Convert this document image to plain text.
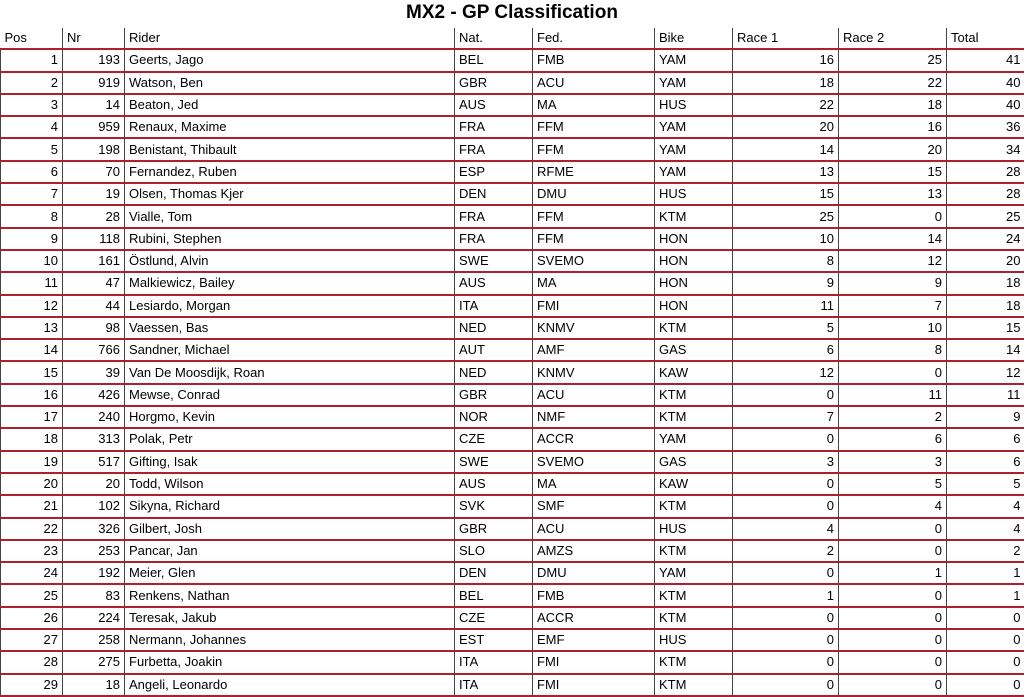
MX2 - GP Classification
Pos	Nr	Rider	Nat.	Fed.	Bike	Race 1	Race 2	Total
1	193	Geerts, Jago	BEL	FMB	YAM	16	25	41
2	919	Watson, Ben	GBR	ACU	YAM	18	22	40
3	14	Beaton, Jed	AUS	MA	HUS	22	18	40
4	959	Renaux, Maxime	FRA	FFM	YAM	20	16	36
5	198	Benistant, Thibault	FRA	FFM	YAM	14	20	34
6	70	Fernandez, Ruben	ESP	RFME	YAM	13	15	28
7	19	Olsen, Thomas Kjer	DEN	DMU	HUS	15	13	28
8	28	Vialle, Tom	FRA	FFM	KTM	25	0	25
9	118	Rubini, Stephen	FRA	FFM	HON	10	14	24
10	161	Östlund, Alvin	SWE	SVEMO	HON	8	12	20
11	47	Malkiewicz, Bailey	AUS	MA	HON	9	9	18
12	44	Lesiardo, Morgan	ITA	FMI	HON	11	7	18
13	98	Vaessen, Bas	NED	KNMV	KTM	5	10	15
14	766	Sandner, Michael	AUT	AMF	GAS	6	8	14
15	39	Van De Moosdijk, Roan	NED	KNMV	KAW	12	0	12
16	426	Mewse, Conrad	GBR	ACU	KTM	0	11	11
17	240	Horgmo, Kevin	NOR	NMF	KTM	7	2	9
18	313	Polak, Petr	CZE	ACCR	YAM	0	6	6
19	517	Gifting, Isak	SWE	SVEMO	GAS	3	3	6
20	20	Todd, Wilson	AUS	MA	KAW	0	5	5
21	102	Sikyna, Richard	SVK	SMF	KTM	0	4	4
22	326	Gilbert, Josh	GBR	ACU	HUS	4	0	4
23	253	Pancar, Jan	SLO	AMZS	KTM	2	0	2
24	192	Meier, Glen	DEN	DMU	YAM	0	1	1
25	83	Renkens, Nathan	BEL	FMB	KTM	1	0	1
26	224	Teresak, Jakub	CZE	ACCR	KTM	0	0	0
27	258	Nermann, Johannes	EST	EMF	HUS	0	0	0
28	275	Furbetta, Joakin	ITA	FMI	KTM	0	0	0
29	18	Angeli, Leonardo	ITA	FMI	KTM	0	0	0
